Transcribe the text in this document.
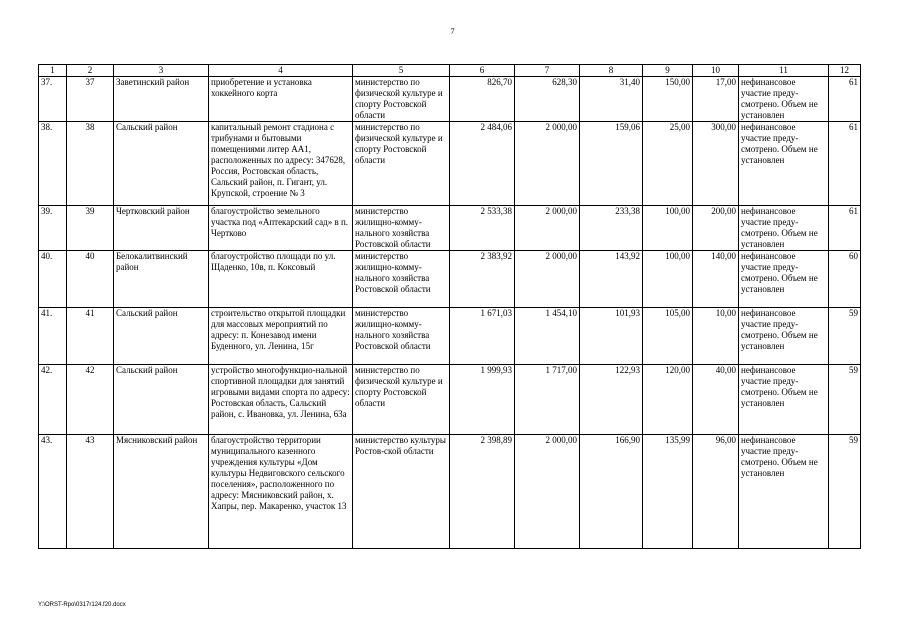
7
1	2	3	4	5	6	7	8	9	10	11	12
37.	37	Заветинский район	приобретение и установка хоккейного корта	министерство по физической культуре и спорту Ростовской области	826,70	628,30	31,40	150,00	17,00	нефинансовое участие преду-смотрено. Объем не установлен	61
38.	38	Сальский район	капитальный ремонт стадиона с трибунами и бытовыми помещениями литер АА1, расположенных по адресу: 347628, Россия, Ростовская область, Сальский район, п. Гигант, ул. Крупской, строение № 3	министерство по физической культуре и спорту Ростовской области	2 484,06	2 000,00	159,06	25,00	300,00	нефинансовое участие преду-смотрено. Объем не установлен	61
39.	39	Чертковский район	благоустройство земельного участка под «Аптекарский сад» в п. Чертково	министерство жилищно-комму-нального хозяйства Ростовской области	2 533,38	2 000,00	233,38	100,00	200,00	нефинансовое участие преду-смотрено. Объем не установлен	61
40.	40	Белокалитвинский район	благоустройство площади по ул. Щаденко, 10в, п. Коксовый	министерство жилищно-комму-нального хозяйства Ростовской области	2 383,92	2 000,00	143,92	100,00	140,00	нефинансовое участие преду-смотрено. Объем не установлен	60
41.	41	Сальский район	строительство открытой площадки для массовых мероприятий по адресу: п. Конезавод имени Буденного, ул. Ленина, 15г	министерство жилищно-комму-нального хозяйства Ростовской области	1 671,03	1 454,10	101,93	105,00	10,00	нефинансовое участие преду-смотрено. Объем не установлен	59
42.	42	Сальский район	устройство многофункцио-нальной спортивной площадки для занятий игровыми видами спорта по адресу: Ростовская область, Сальский район, с. Ивановка, ул. Ленина, 63а	министерство по физической культуре и спорту Ростовской области	1 999,93	1 717,00	122,93	120,00	40,00	нефинансовое участие преду-смотрено. Объем не установлен	59
43.	43	Мясниковский район	благоустройство территории муниципального казенного учреждения культуры «Дом культуры Недвиговского сельского поселения», расположенного по адресу: Мясниковский район, х. Хапры, пер. Макаренко, участок 13	министерство культуры Ростов-ской области	2 398,89	2 000,00	166,90	135,99	96,00	нефинансовое участие преду-смотрено. Объем не установлен	59
Y:\ORST-Rpo\0317r124.f20.docx
